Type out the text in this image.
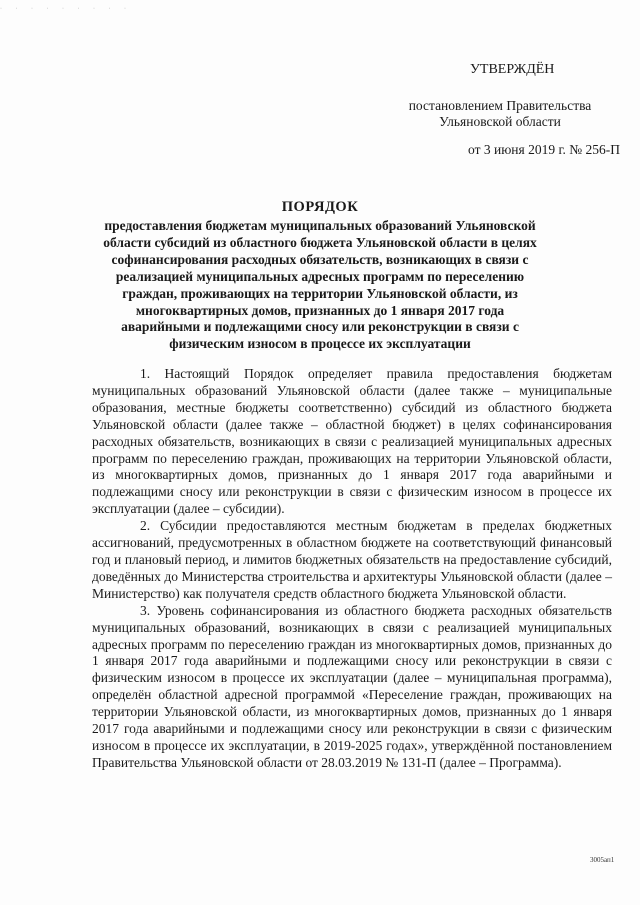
· · · · · · · · ·
УТВЕРЖДЁН
постановлением Правительства
Ульяновской области
от 3 июня 2019 г. № 256-П
ПОРЯДОК
предоставления бюджетам муниципальных образований Ульяновской области субсидий из областного бюджета Ульяновской области в целях софинансирования расходных обязательств, возникающих в связи с реализацией муниципальных адресных программ по переселению граждан, проживающих на территории Ульяновской области, из многоквартирных домов, признанных до 1 января 2017 года аварийными и подлежащими сносу или реконструкции в связи с физическим износом в процессе их эксплуатации

1. Настоящий Порядок определяет правила предоставления бюджетам муниципальных образований Ульяновской области (далее также – муниципальные образования, местные бюджеты соответственно) субсидий из областного бюджета Ульяновской области (далее также – областной бюджет) в целях софинансирования расходных обязательств, возникающих в связи с реализацией муниципальных адресных программ по переселению граждан, проживающих на территории Ульяновской области, из многоквартирных домов, признанных до 1 января 2017 года аварийными и подлежащими сносу или реконструкции в связи с физическим износом в процессе их эксплуатации (далее – субсидии).

2. Субсидии предоставляются местным бюджетам в пределах бюджетных ассигнований, предусмотренных в областном бюджете на соответствующий финансовый год и плановый период, и лимитов бюджетных обязательств на предоставление субсидий, доведённых до Министерства строительства и архитектуры Ульяновской области (далее – Министерство) как получателя средств областного бюджета Ульяновской области.

3. Уровень софинансирования из областного бюджета расходных обязательств муниципальных образований, возникающих в связи с реализацией муниципальных адресных программ по переселению граждан из многоквартирных домов, признанных до 1 января 2017 года аварийными и подлежащими сносу или реконструкции в связи с физическим износом в процессе их эксплуатации (далее – муниципальная программа), определён областной адресной программой «Переселение граждан, проживающих на территории Ульяновской области, из многоквартирных домов, признанных до 1 января 2017 года аварийными и подлежащими сносу или реконструкции в связи с физическим износом в процессе их эксплуатации, в 2019-2025 годах», утверждённой постановлением Правительства Ульяновской области от 28.03.2019 № 131-П (далее – Программа).

3005ап1
